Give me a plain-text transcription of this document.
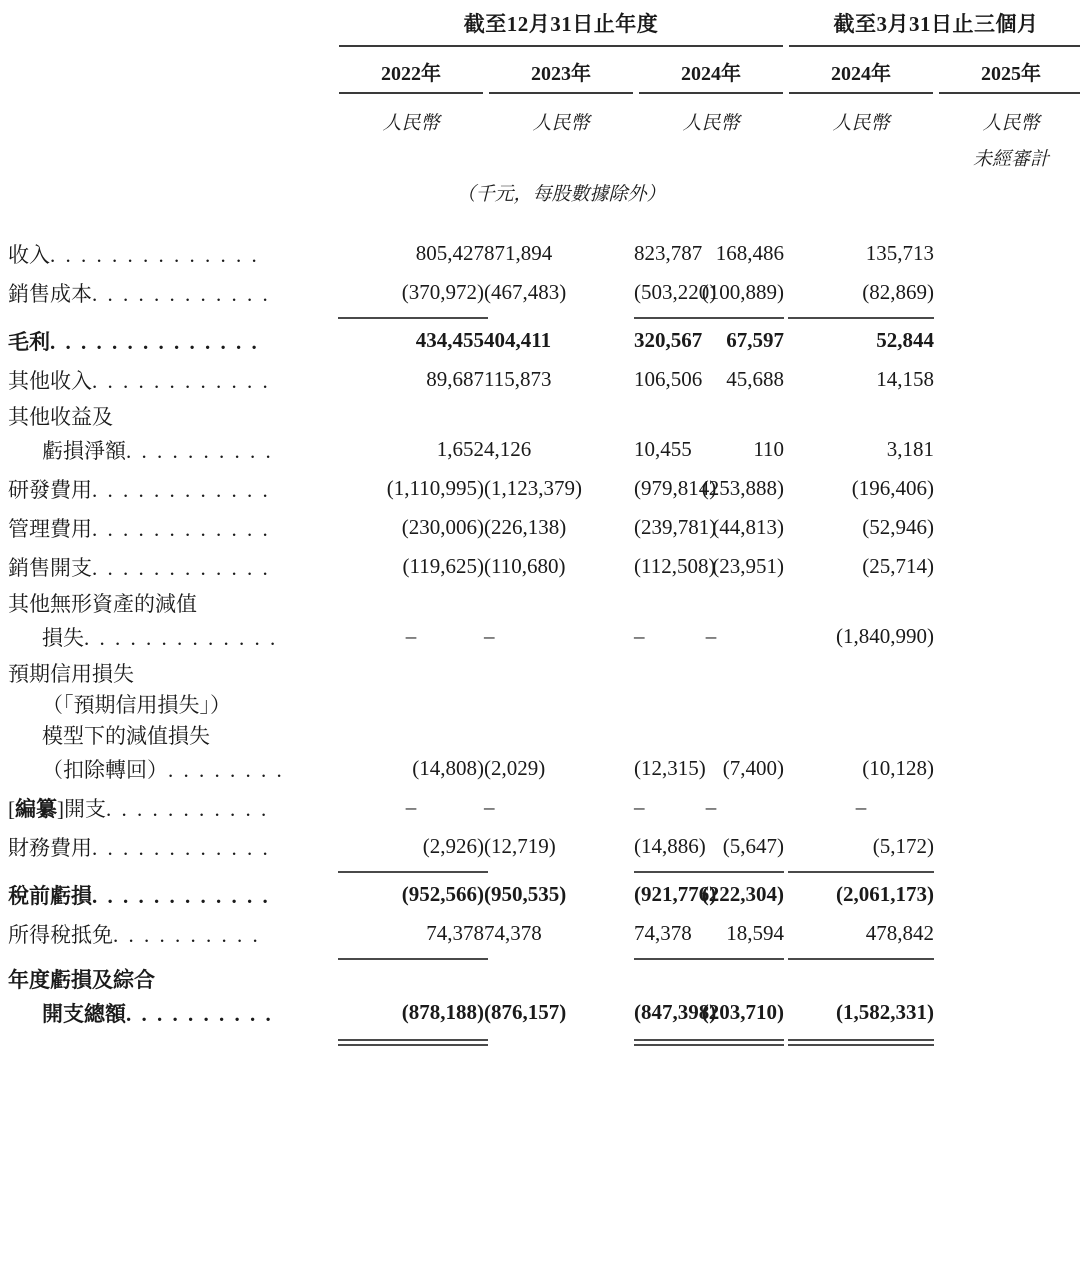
	截至12月31日止年度						截至3月31日止三個月		

	2022年		2023年		2024年		2024年		2025年

	人民幣		人民幣		人民幣		人民幣		人民幣
									未經審計
	（千元，每股數據除外）								
收入. . . . . . . . . . . . . .	805,427	871,894		823,787	168,486		135,713		
銷售成本. . . . . . . . . . . .	(370,972)	(467,483)		(503,220)	(100,889)		(82,869)		

毛利. . . . . . . . . . . . . .	434,455	404,411		320,567	67,597		52,844		
其他收入. . . . . . . . . . . .	89,687	115,873		106,506	45,688		14,158		
其他收益及									
虧損淨額. . . . . . . . . .	1,652	4,126		10,455	110		3,181		
研發費用. . . . . . . . . . . .	(1,110,995)	(1,123,379)		(979,814)	(253,888)		(196,406)		
管理費用. . . . . . . . . . . .	(230,006)	(226,138)		(239,781)	(44,813)		(52,946)		
銷售開支. . . . . . . . . . . .	(119,625)	(110,680)		(112,508)	(23,951)		(25,714)		
其他無形資產的減值									
損失. . . . . . . . . . . . .	–	–		–	–		(1,840,990)		
預期信用損失									
（「預期信用損失」）									
模型下的減值損失									
（扣除轉回）. . . . . . . .	(14,808)	(2,029)		(12,315)	(7,400)		(10,128)		
[編纂]開支. . . . . . . . . . .	–	–		–	–		–		
財務費用. . . . . . . . . . . .	(2,926)	(12,719)		(14,886)	(5,647)		(5,172)		

稅前虧損. . . . . . . . . . . .	(952,566)	(950,535)		(921,776)	(222,304)		(2,061,173)		
所得稅抵免. . . . . . . . . .	74,378	74,378		74,378	18,594		478,842		

年度虧損及綜合									
開支總額. . . . . . . . . .	(878,188)	(876,157)		(847,398)	(203,710)		(1,582,331)		
